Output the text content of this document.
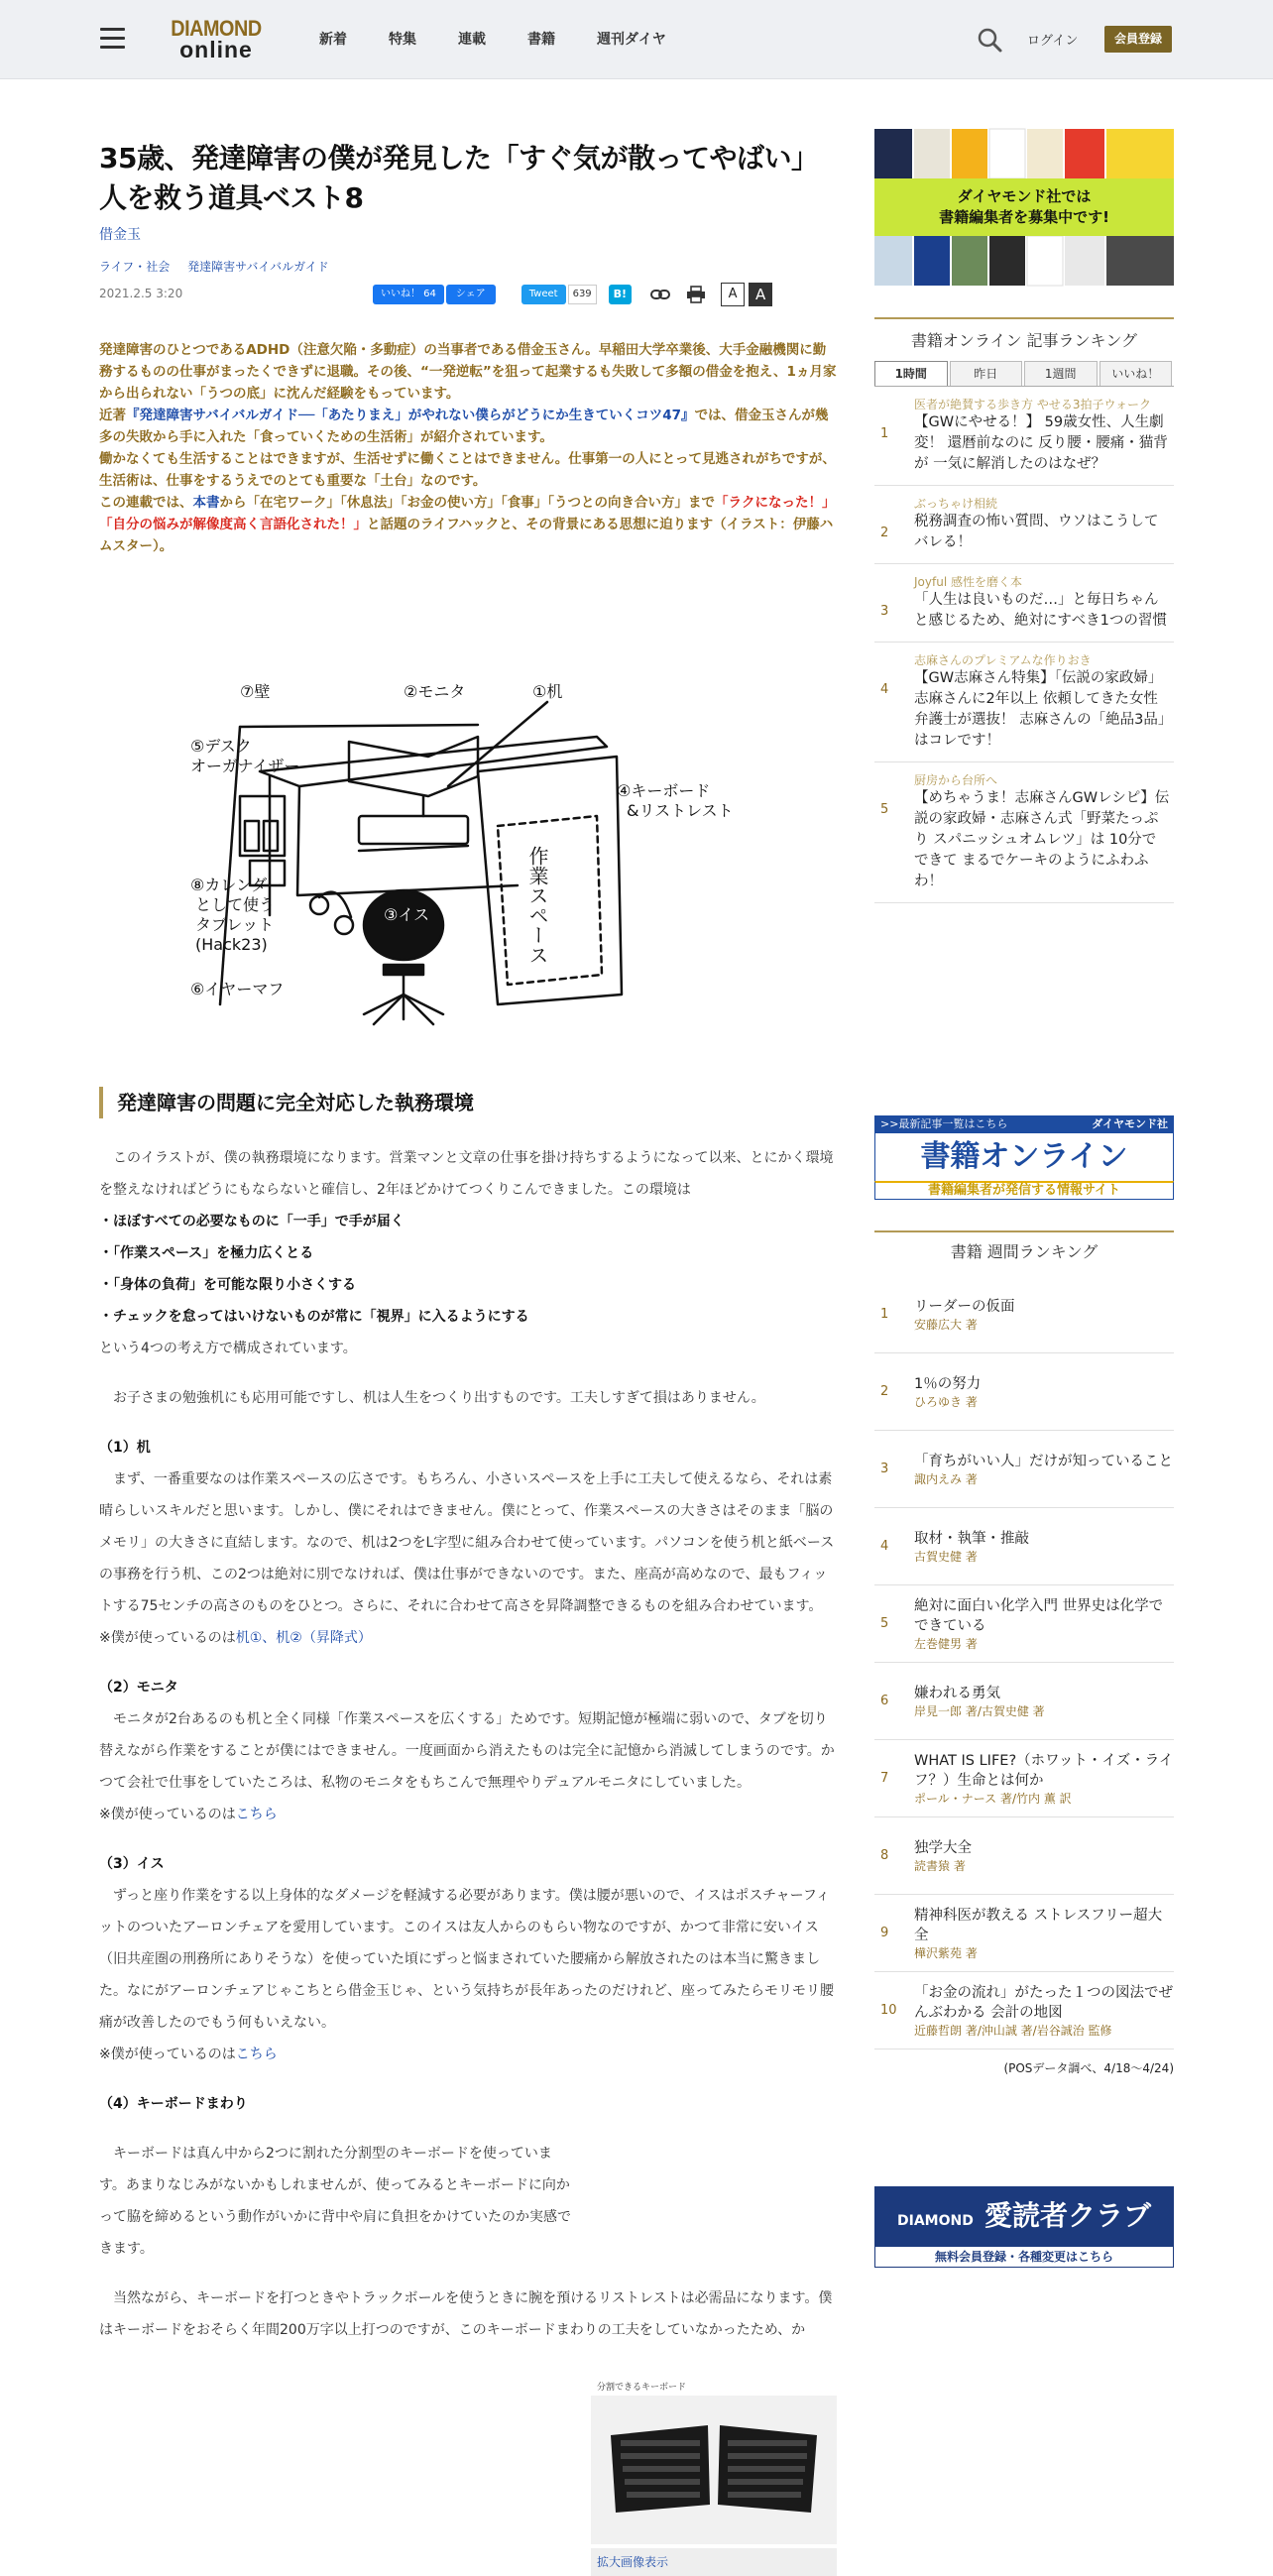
DIAMOND
online	新着	特集	連載	書籍	週刊ダイヤ	ログイン	会員登録
35歳、発達障害の僕が発見した「すぐ気が散ってやばい」人を救う道具ベスト8
借金玉
ライフ・社会 発達障害サバイバルガイド
2021.2.5 3:20	いいね！ 64	シェア	Tweet	639	B!	A	A

発達障害のひとつであるADHD（注意欠陥・多動症）の当事者である借金玉さん。早稲田大学卒業後、大手金融機関に勤務するものの仕事がまったくできずに退職。その後、“一発逆転”を狙って起業するも失敗して多額の借金を抱え、1ヵ月家から出られない「うつの底」に沈んだ経験をもっています。

近著『発達障害サバイバルガイド──「あたりまえ」がやれない僕らがどうにか生きていくコツ47』では、借金玉さんが幾多の失敗から手に入れた「食っていくための生活術」が紹介されています。

働かなくても生活することはできますが、生活せずに働くことはできません。仕事第一の人にとって見逃されがちですが、生活術は、仕事をするうえでのとても重要な「土台」なのです。

この連載では、本書から「在宅ワーク」「休息法」「お金の使い方」「食事」「うつとの向き合い方」まで「ラクになった！」「自分の悩みが解像度高く言語化された！」と話題のライフハックと、その背景にある思想に迫ります（イラスト：伊藤ハムスター）。

⑦壁	②モニタ	①机
⑤デスク
オーガナイザー
④キーボード
&リストレスト
⑧カレンダー
として使う
タブレット
(Hack23)
③イス
⑥イヤーマフ
作業スペース
発達障害の問題に完全対応した執務環境

　このイラストが、僕の執務環境になります。営業マンと文章の仕事を掛け持ちするようになって以来、とにかく環境を整えなければどうにもならないと確信し、2年ほどかけてつくりこんできました。この環境は

・ほぼすべての必要なものに「一手」で手が届く

・「作業スペース」を極力広くとる

・「身体の負荷」を可能な限り小さくする

・チェックを怠ってはいけないものが常に「視界」に入るようにする

という4つの考え方で構成されています。

　お子さまの勉強机にも応用可能ですし、机は人生をつくり出すものです。工夫しすぎて損はありません。

（1）机

　まず、一番重要なのは作業スペースの広さです。もちろん、小さいスペースを上手に工夫して使えるなら、それは素晴らしいスキルだと思います。しかし、僕にそれはできません。僕にとって、作業スペースの大きさはそのまま「脳のメモリ」の大きさに直結します。なので、机は2つをL字型に組み合わせて使っています。パソコンを使う机と紙ベースの事務を行う机、この2つは絶対に別でなければ、僕は仕事ができないのです。また、座高が高めなので、最もフィットする75センチの高さのものをひとつ。さらに、それに合わせて高さを昇降調整できるものを組み合わせています。

※僕が使っているのは机①、机②（昇降式）

（2）モニタ

　モニタが2台あるのも机と全く同様「作業スペースを広くする」ためです。短期記憶が極端に弱いので、タブを切り替えながら作業をすることが僕にはできません。一度画面から消えたものは完全に記憶から消滅してしまうのです。かつて会社で仕事をしていたころは、私物のモニタをもちこんで無理やりデュアルモニタにしていました。

※僕が使っているのはこちら

（3）イス

　ずっと座り作業をする以上身体的なダメージを軽減する必要があります。僕は腰が悪いので、イスはポスチャーフィットのついたアーロンチェアを愛用しています。このイスは友人からのもらい物なのですが、かつて非常に安いイス（旧共産圏の刑務所にありそうな）を使っていた頃にずっと悩まされていた腰痛から解放されたのは本当に驚きました。なにがアーロンチェアじゃこちとら借金玉じゃ、という気持ちが長年あったのだけれど、座ってみたらモリモリ腰痛が改善したのでもう何もいえない。

※僕が使っているのはこちら

（4）キーボードまわり

　キーボードは真ん中から2つに割れた分割型のキーボードを使っています。あまりなじみがないかもしれませんが、使ってみるとキーボードに向かって脇を締めるという動作がいかに背中や肩に負担をかけていたのか実感できます。

　当然ながら、キーボードを打つときやトラックボールを使うときに腕を預けるリストレストは必需品になります。僕はキーボードをおそらく年間200万字以上打つのですが、このキーボードまわりの工夫をしていなかったため、か

分割できるキーボード
拡大画像表示
ダイヤモンド社では
書籍編集者を募集中です!
書籍オンライン 記事ランキング
1時間	昨日	1週間	いいね！
1
医者が絶賛する歩き方 やせる3拍子ウォーク
【GWにやせる！】 59歳女性、人生劇変！ 還暦前なのに 反り腰・腰痛・猫背が 一気に解消したのはなぜ？
2
ぶっちゃけ相続
税務調査の怖い質問、ウソはこうしてバレる！
3
Joyful 感性を磨く本
「人生は良いものだ…」と毎日ちゃんと感じるため、絶対にすべき1つの習慣
4
志麻さんのプレミアムな作りおき
【GW志麻さん特集】「伝説の家政婦」志麻さんに2年以上 依頼してきた女性弁護士が選抜！ 志麻さんの「絶品3品」はコレです！
5
厨房から台所へ
【めちゃうま！志麻さんGWレシピ】伝説の家政婦・志麻さん式「野菜たっぷり スパニッシュオムレツ」は 10分でできて まるでケーキのようにふわふわ！
>>最新記事一覧はこちら	ダイヤモンド社
書籍オンライン
書籍編集者が発信する情報サイト
書籍 週間ランキング
1	リーダーの仮面
安藤広大 著
2	1％の努力
ひろゆき 著
3	「育ちがいい人」だけが知っていること
諏内えみ 著
4	取材・執筆・推敲
古賀史健 著
5
絶対に面白い化学入門 世界史は化学でできている
左巻健男 著
6	嫌われる勇気
岸見一郎 著/古賀史健 著
7
WHAT IS LIFE?（ホワット・イズ・ライフ？）生命とは何か
ポール・ナース 著/竹内 薫 訳
8	独学大全
読書猿 著
9
精神科医が教える ストレスフリー超大全
樺沢紫苑 著
10
「お金の流れ」がたった１つの図法でぜんぶわかる 会計の地図
近藤哲朗 著/沖山誠 著/岩谷誠治 監修
(POSデータ調べ、4/18～4/24)
DIAMOND 愛読者クラブ
無料会員登録・各種変更はこちら
